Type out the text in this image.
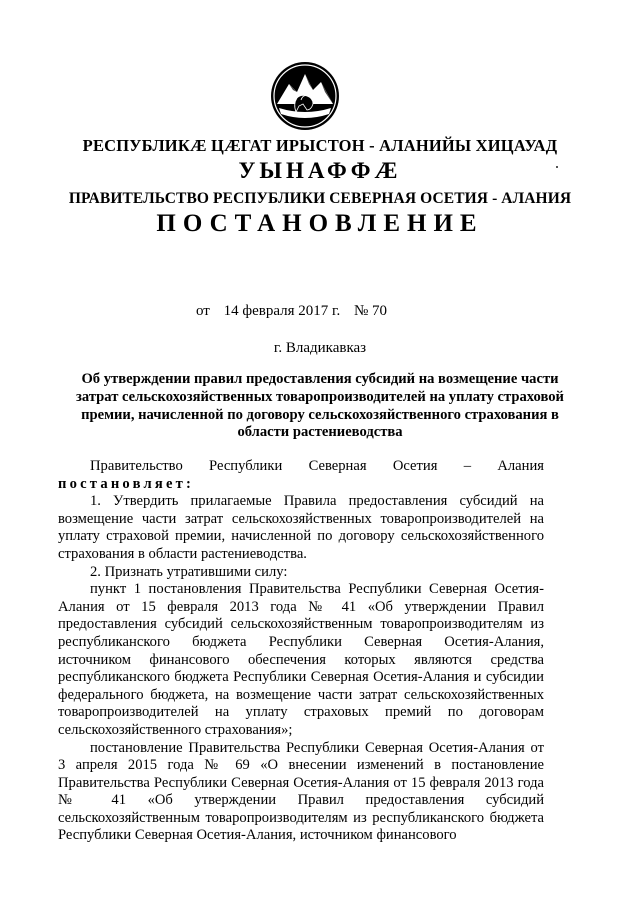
РЕСПУБЛИКӔ ЦӔГАТ ИРЫСТОН - АЛАНИЙЫ ХИЦАУАД
УЫНАФФӔ
ПРАВИТЕЛЬСТВО РЕСПУБЛИКИ СЕВЕРНАЯ ОСЕТИЯ - АЛАНИЯ
ПОСТАНОВЛЕНИЕ
от 14 февраля 2017 г. № 70
г. Владикавказ
Об утверждении правил предоставления субсидий на возмещение части затрат сельскохозяйственных товаропроизводителей на уплату страховой премии, начисленной по договору сельскохозяйственного страхования в области растениеводства

Правительство Республики Северная Осетия – Алания

постановляет:

1. Утвердить прилагаемые Правила предоставления субсидий на возмещение части затрат сельскохозяйственных товаропроизводителей на уплату страховой премии, начисленной по договору сельскохозяйственного страхования в области растениеводства.

2. Признать утратившими силу:

пункт 1 постановления Правительства Республики Северная Осетия-Алания от 15 февраля 2013 года № 41 «Об утверждении Правил предоставления субсидий сельскохозяйственным товаропроизводителям из республиканского бюджета Республики Северная Осетия-Алания, источником финансового обеспечения которых являются средства республиканского бюджета Республики Северная Осетия-Алания и субсидии федерального бюджета, на возмещение части затрат сельскохозяйственных товаропроизводителей на уплату страховых премий по договорам сельскохозяйственного страхования»;

постановление Правительства Республики Северная Осетия-Алания от 3 апреля 2015 года № 69 «О внесении изменений в постановление Правительства Республики Северная Осетия-Алания от 15 февраля 2013 года № 41 «Об утверждении Правил предоставления субсидий сельскохозяйственным товаропроизводителям из республиканского бюджета Республики Северная Осетия-Алания, источником финансового
